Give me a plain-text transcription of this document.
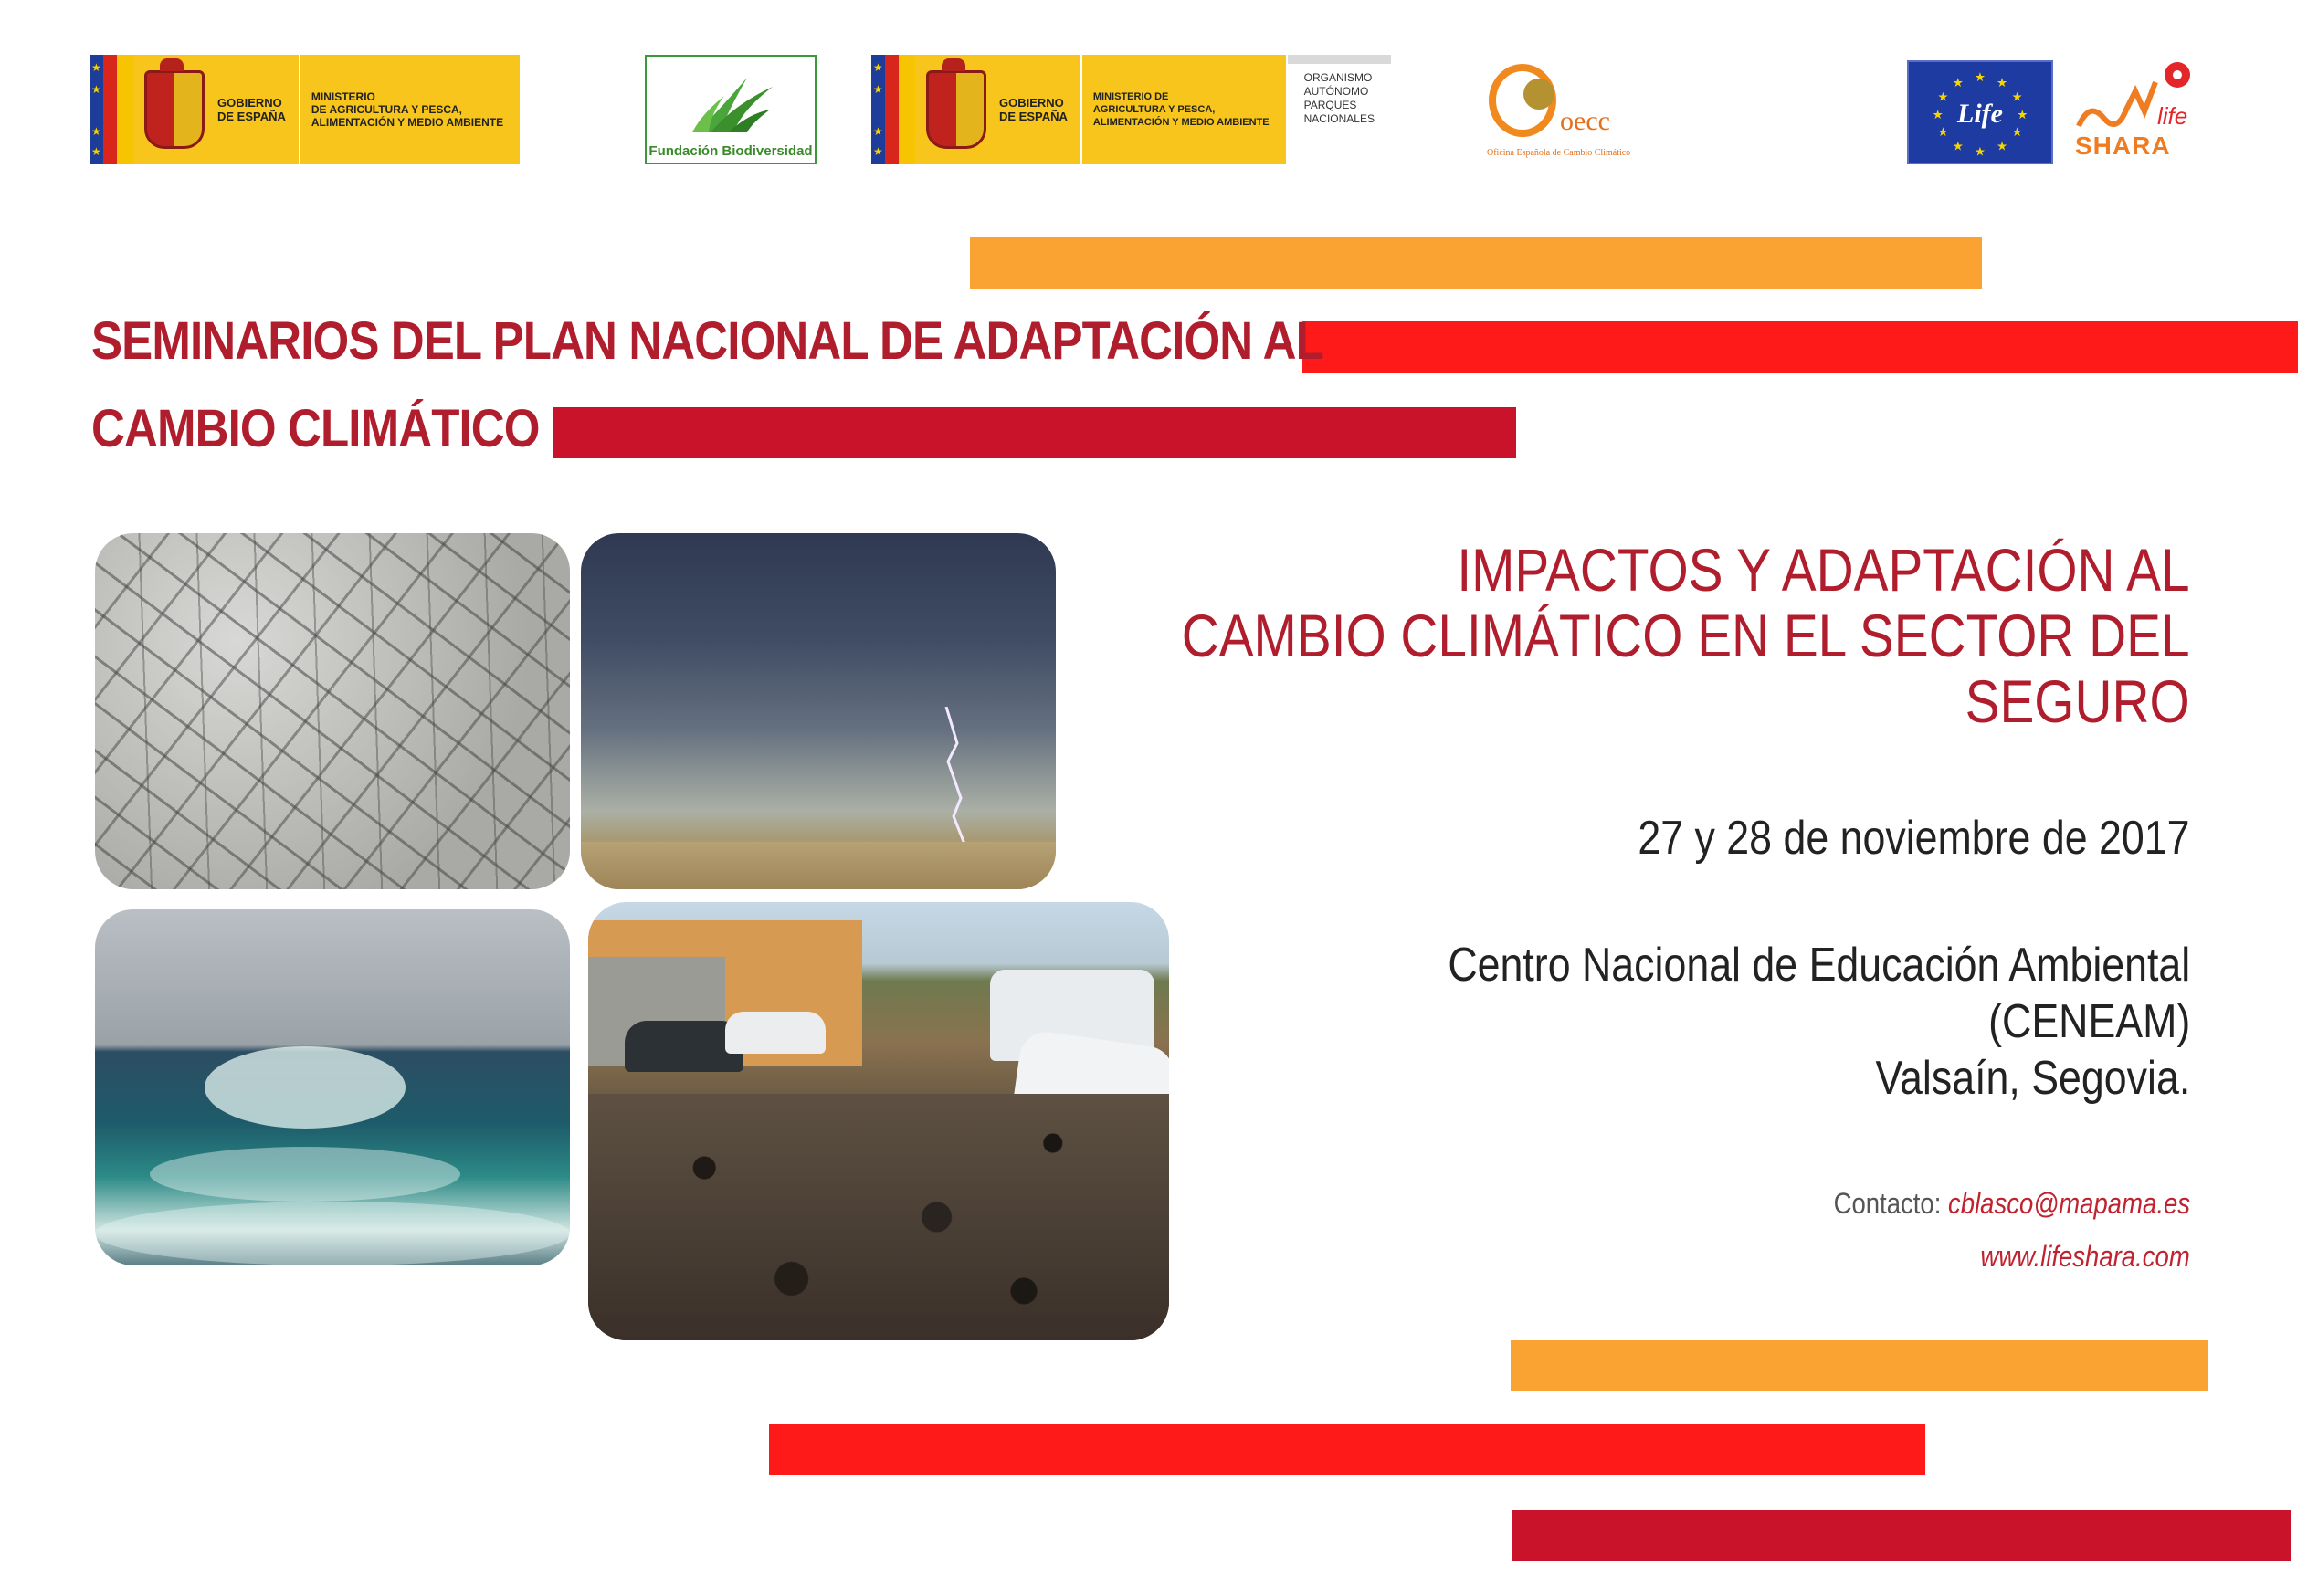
★
★
★
★
GOBIERNO
DE ESPAÑA
MINISTERIO
DE AGRICULTURA Y PESCA,
ALIMENTACIÓN Y MEDIO AMBIENTE
Fundación Biodiversidad
★
★
★
★
GOBIERNO
DE ESPAÑA
MINISTERIO DE
AGRICULTURA Y PESCA,
ALIMENTACIÓN Y MEDIO AMBIENTE
ORGANISMO
AUTÓNOMO
PARQUES
NACIONALES	oecc
Oficina Española de Cambio Climático
★ ★
★
★
★
★
★
★
★
★
★
★
Life	life
SHARA
SEMINARIOS DEL PLAN NACIONAL DE ADAPTACIÓN AL
CAMBIO CLIMÁTICO
IMPACTOS Y ADAPTACIÓN AL
CAMBIO CLIMÁTICO EN EL SECTOR DEL
SEGURO
27 y 28 de noviembre de 2017
Centro Nacional de Educación Ambiental
(CENEAM)
Valsaín, Segovia.
Contacto: cblasco@mapama.es
www.lifeshara.com
